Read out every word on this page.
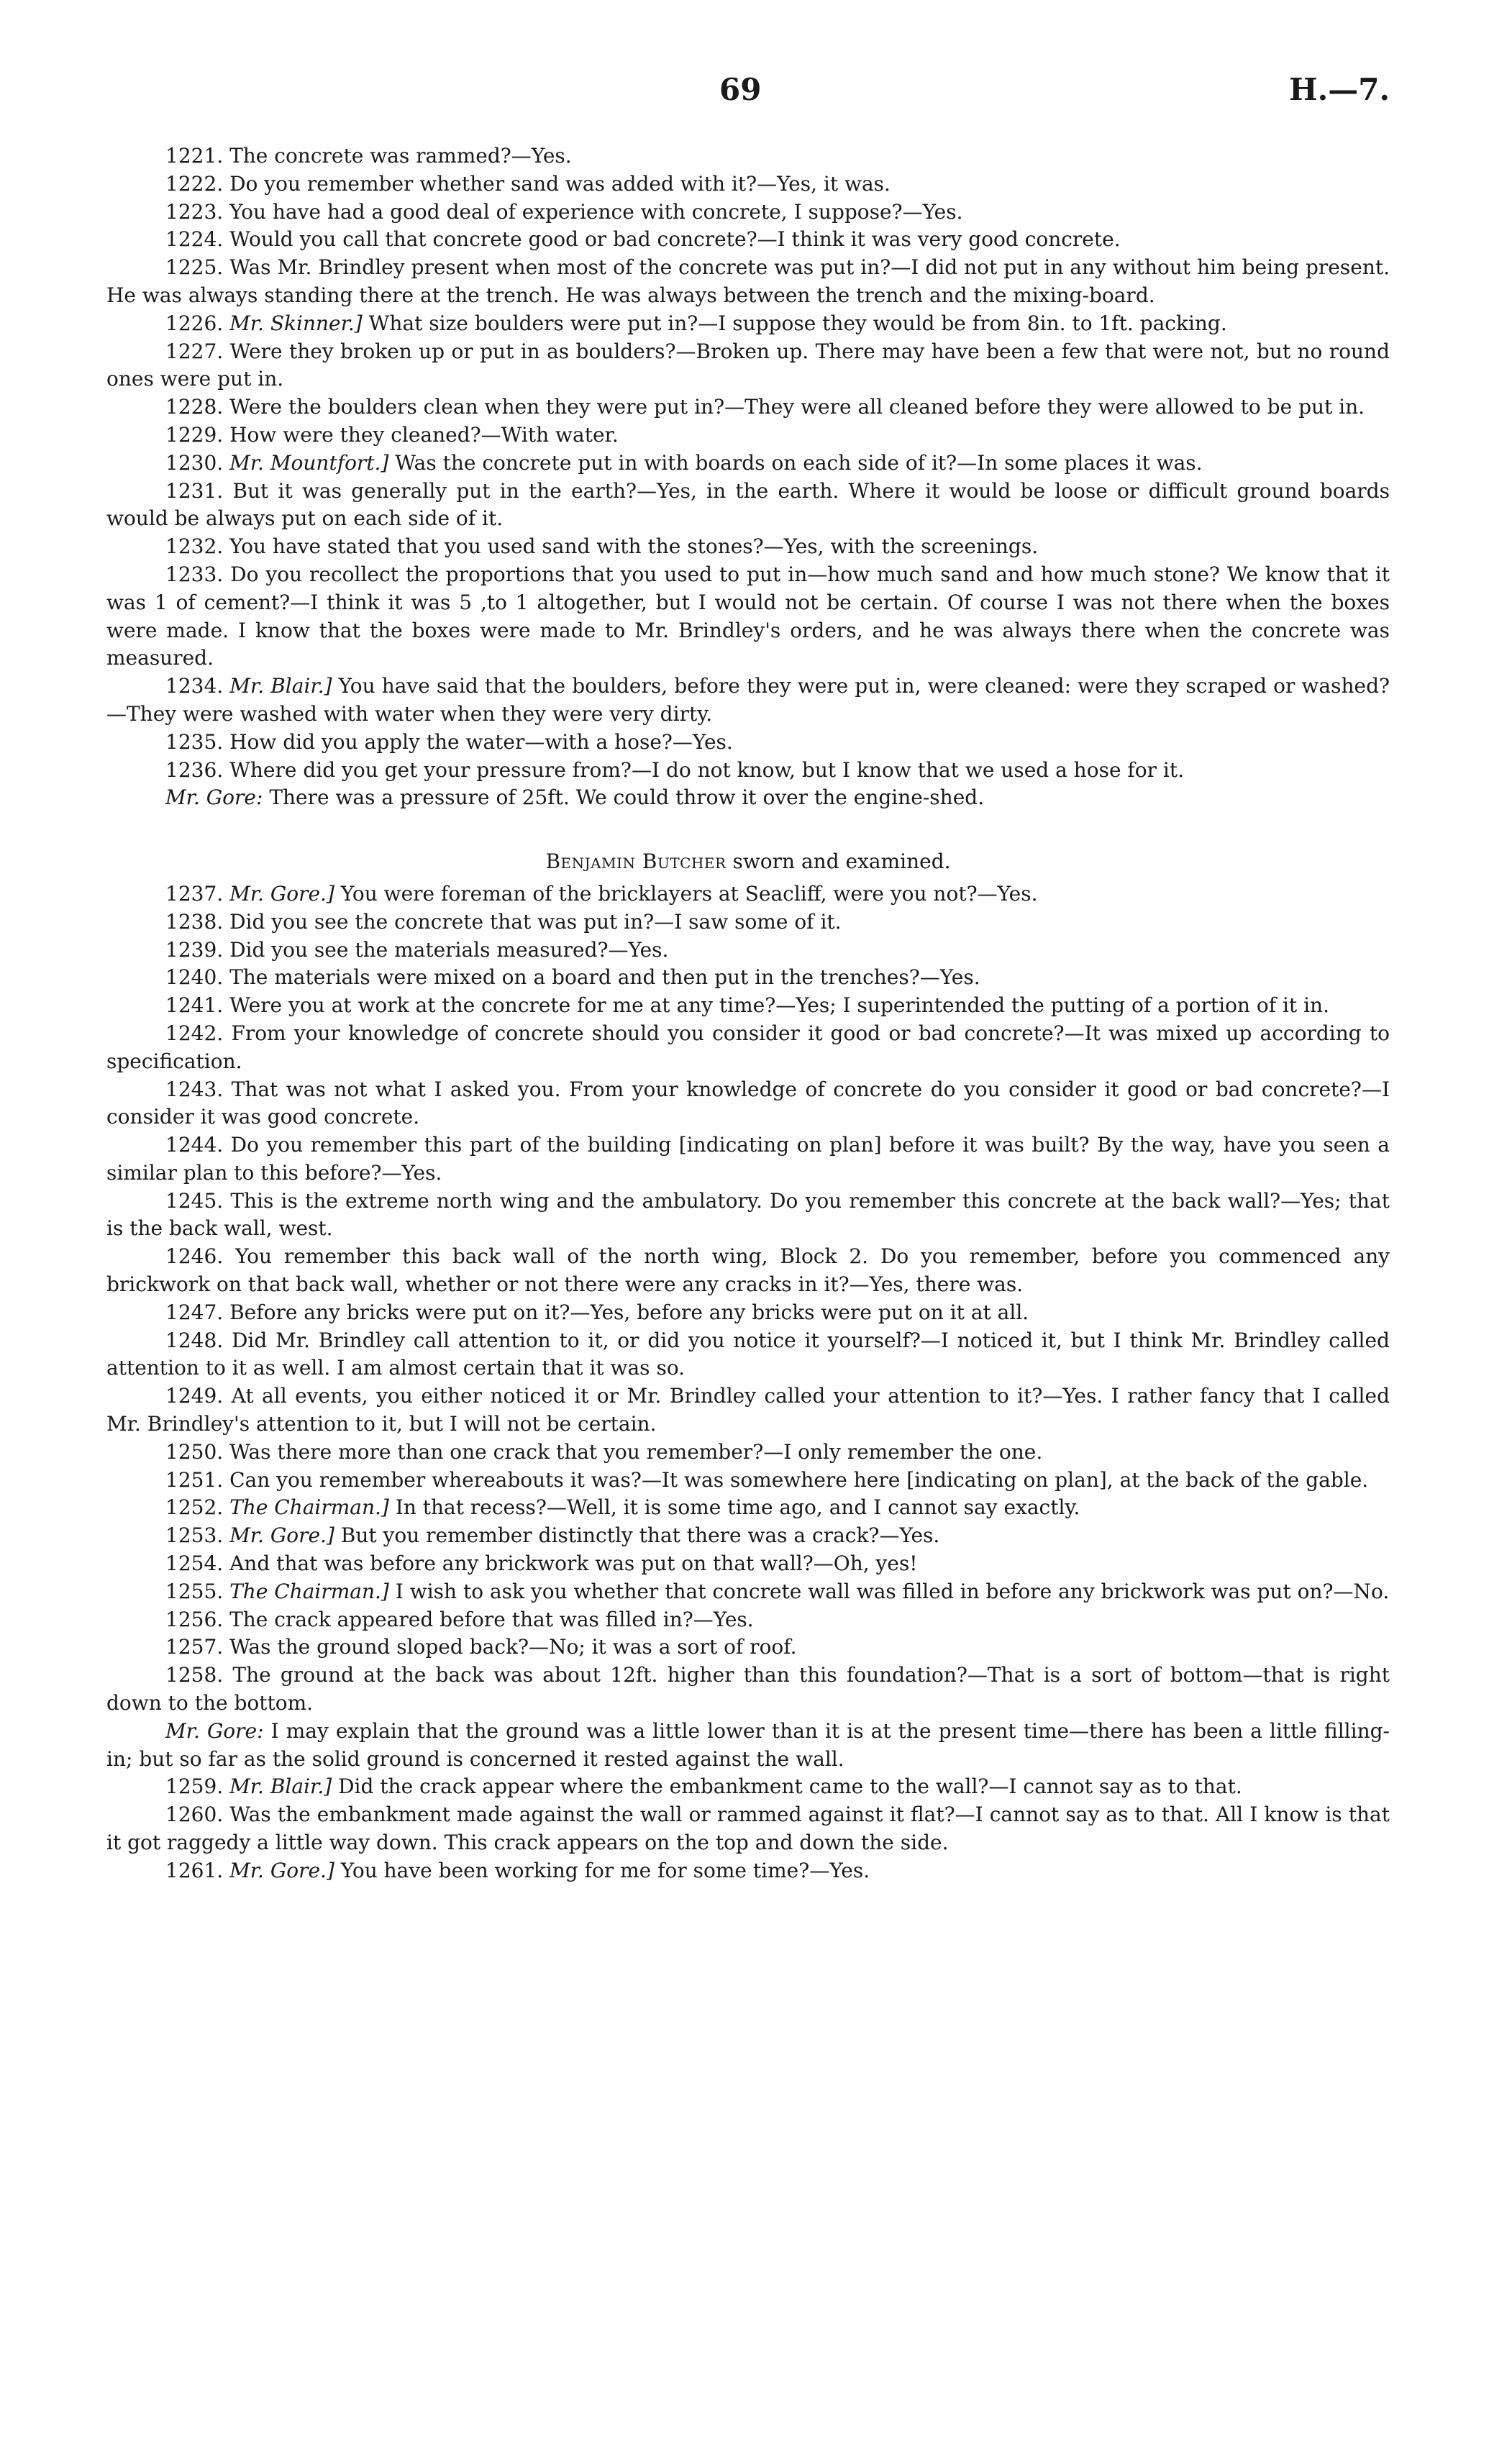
69	H.—7.

1221. The concrete was rammed?—Yes.

1222. Do you remember whether sand was added with it?—Yes, it was.

1223. You have had a good deal of experience with concrete, I suppose?—Yes.

1224. Would you call that concrete good or bad concrete?—I think it was very good concrete.

1225. Was Mr. Brindley present when most of the concrete was put in?—I did not put in any without him being present. He was always standing there at the trench. He was always between the trench and the mixing-board.

1226. Mr. Skinner.] What size boulders were put in?—I suppose they would be from 8in. to 1ft. packing.

1227. Were they broken up or put in as boulders?—Broken up. There may have been a few that were not, but no round ones were put in.

1228. Were the boulders clean when they were put in?—They were all cleaned before they were allowed to be put in.

1229. How were they cleaned?—With water.

1230. Mr. Mountfort.] Was the concrete put in with boards on each side of it?—In some places it was.

1231. But it was generally put in the earth?—Yes, in the earth. Where it would be loose or difficult ground boards would be always put on each side of it.

1232. You have stated that you used sand with the stones?—Yes, with the screenings.

1233. Do you recollect the proportions that you used to put in—how much sand and how much stone? We know that it was 1 of cement?—I think it was 5 ,to 1 altogether, but I would not be certain. Of course I was not there when the boxes were made. I know that the boxes were made to Mr. Brindley's orders, and he was always there when the concrete was measured.

1234. Mr. Blair.] You have said that the boulders, before they were put in, were cleaned: were they scraped or washed?—They were washed with water when they were very dirty.

1235. How did you apply the water—with a hose?—Yes.

1236. Where did you get your pressure from?—I do not know, but I know that we used a hose for it.

Mr. Gore: There was a pressure of 25ft. We could throw it over the engine-shed.

Benjamin Butcher sworn and examined.

1237. Mr. Gore.] You were foreman of the bricklayers at Seacliff, were you not?—Yes.

1238. Did you see the concrete that was put in?—I saw some of it.

1239. Did you see the materials measured?—Yes.

1240. The materials were mixed on a board and then put in the trenches?—Yes.

1241. Were you at work at the concrete for me at any time?—Yes; I superintended the putting of a portion of it in.

1242. From your knowledge of concrete should you consider it good or bad concrete?—It was mixed up according to specification.

1243. That was not what I asked you. From your knowledge of concrete do you consider it good or bad concrete?—I consider it was good concrete.

1244. Do you remember this part of the building [indicating on plan] before it was built? By the way, have you seen a similar plan to this before?—Yes.

1245. This is the extreme north wing and the ambulatory. Do you remember this concrete at the back wall?—Yes; that is the back wall, west.

1246. You remember this back wall of the north wing, Block 2. Do you remember, before you commenced any brickwork on that back wall, whether or not there were any cracks in it?—Yes, there was.

1247. Before any bricks were put on it?—Yes, before any bricks were put on it at all.

1248. Did Mr. Brindley call attention to it, or did you notice it yourself?—I noticed it, but I think Mr. Brindley called attention to it as well. I am almost certain that it was so.

1249. At all events, you either noticed it or Mr. Brindley called your attention to it?—Yes. I rather fancy that I called Mr. Brindley's attention to it, but I will not be certain.

1250. Was there more than one crack that you remember?—I only remember the one.

1251. Can you remember whereabouts it was?—It was somewhere here [indicating on plan], at the back of the gable.

1252. The Chairman.] In that recess?—Well, it is some time ago, and I cannot say exactly.

1253. Mr. Gore.] But you remember distinctly that there was a crack?—Yes.

1254. And that was before any brickwork was put on that wall?—Oh, yes!

1255. The Chairman.] I wish to ask you whether that concrete wall was filled in before any brickwork was put on?—No.

1256. The crack appeared before that was filled in?—Yes.

1257. Was the ground sloped back?—No; it was a sort of roof.

1258. The ground at the back was about 12ft. higher than this foundation?—That is a sort of bottom—that is right down to the bottom.

Mr. Gore: I may explain that the ground was a little lower than it is at the present time—there has been a little filling-in; but so far as the solid ground is concerned it rested against the wall.

1259. Mr. Blair.] Did the crack appear where the embankment came to the wall?—I cannot say as to that.

1260. Was the embankment made against the wall or rammed against it flat?—I cannot say as to that. All I know is that it got raggedy a little way down. This crack appears on the top and down the side.

1261. Mr. Gore.] You have been working for me for some time?—Yes.
